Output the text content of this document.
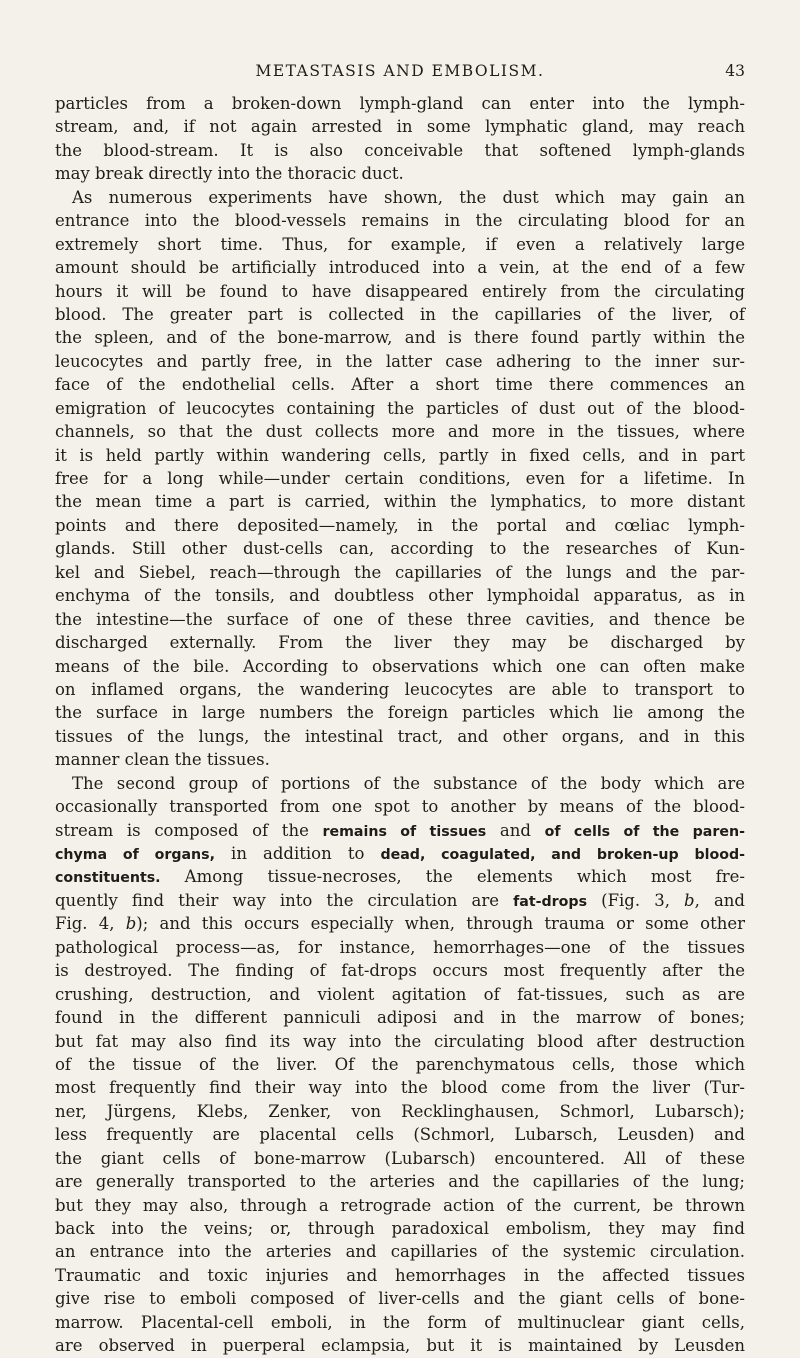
METASTASIS AND EMBOLISM.	43
particles from a broken-down lymph-gland can enter into the lymph-
stream, and, if not again arrested in some lymphatic gland, may reach
the blood-stream. It is also conceivable that softened lymph-glands
may break directly into the thoracic duct.
As numerous experiments have shown, the dust which may gain an
entrance into the blood-vessels remains in the circulating blood for an
extremely short time. Thus, for example, if even a relatively large
amount should be artificially introduced into a vein, at the end of a few
hours it will be found to have disappeared entirely from the circulating
blood. The greater part is collected in the capillaries of the liver, of
the spleen, and of the bone-marrow, and is there found partly within the
leucocytes and partly free, in the latter case adhering to the inner sur-
face of the endothelial cells. After a short time there commences an
emigration of leucocytes containing the particles of dust out of the blood-
channels, so that the dust collects more and more in the tissues, where
it is held partly within wandering cells, partly in fixed cells, and in part
free for a long while—under certain conditions, even for a lifetime. In
the mean time a part is carried, within the lymphatics, to more distant
points and there deposited—namely, in the portal and cœliac lymph-
glands. Still other dust-cells can, according to the researches of Kun-
kel and Siebel, reach—through the capillaries of the lungs and the par-
enchyma of the tonsils, and doubtless other lymphoidal apparatus, as in
the intestine—the surface of one of these three cavities, and thence be
discharged externally. From the liver they may be discharged by
means of the bile. According to observations which one can often make
on inflamed organs, the wandering leucocytes are able to transport to
the surface in large numbers the foreign particles which lie among the
tissues of the lungs, the intestinal tract, and other organs, and in this
manner clean the tissues.
The second group of portions of the substance of the body which are
occasionally transported from one spot to another by means of the blood-
stream is composed of the remains of tissues and of cells of the paren-
chyma of organs, in addition to dead, coagulated, and broken-up blood-
constituents. Among tissue-necroses, the elements which most fre-
quently find their way into the circulation are fat-drops (Fig. 3, b, and
Fig. 4, b); and this occurs especially when, through trauma or some other
pathological process—as, for instance, hemorrhages—one of the tissues
is destroyed. The finding of fat-drops occurs most frequently after the
crushing, destruction, and violent agitation of fat-tissues, such as are
found in the different panniculi adiposi and in the marrow of bones;
but fat may also find its way into the circulating blood after destruction
of the tissue of the liver. Of the parenchymatous cells, those which
most frequently find their way into the blood come from the liver (Tur-
ner, Jürgens, Klebs, Zenker, von Recklinghausen, Schmorl, Lubarsch);
less frequently are placental cells (Schmorl, Lubarsch, Leusden) and
the giant cells of bone-marrow (Lubarsch) encountered. All of these
are generally transported to the arteries and the capillaries of the lung;
but they may also, through a retrograde action of the current, be thrown
back into the veins; or, through paradoxical embolism, they may find
an entrance into the arteries and capillaries of the systemic circulation.
Traumatic and toxic injuries and hemorrhages in the affected tissues
give rise to emboli composed of liver-cells and the giant cells of bone-
marrow. Placental-cell emboli, in the form of multinuclear giant cells,
are observed in puerperal eclampsia, but it is maintained by Leusden
